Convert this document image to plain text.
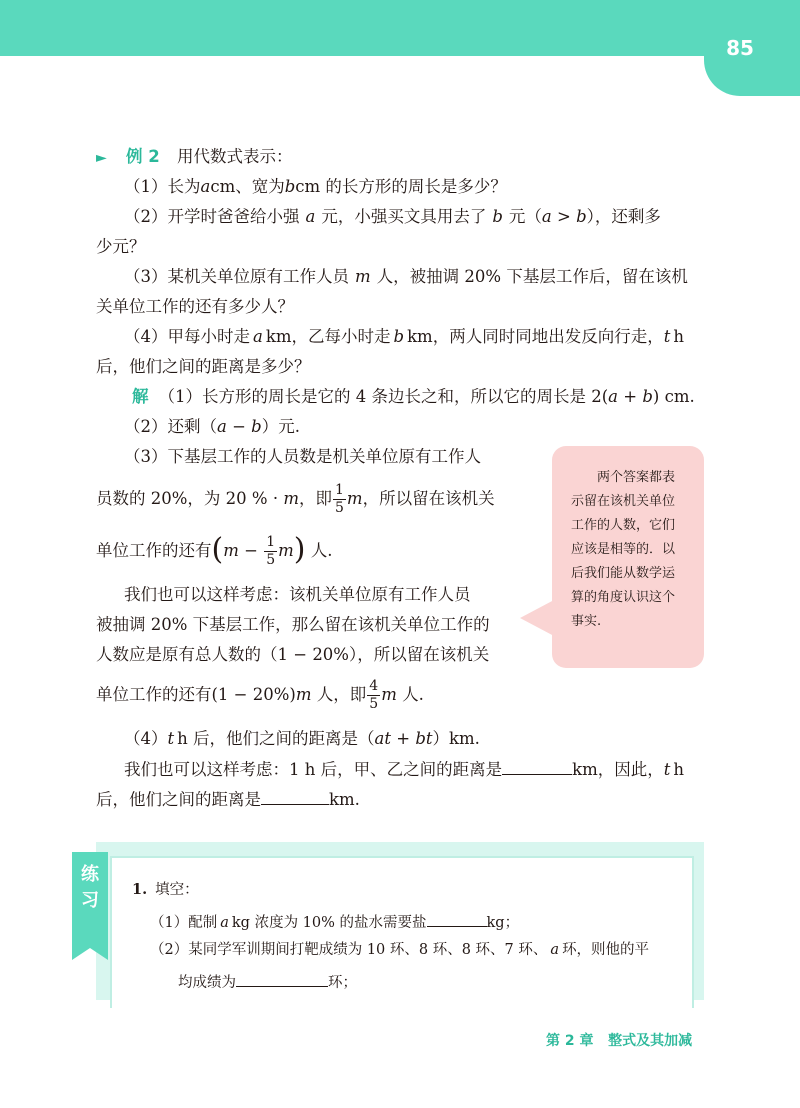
85
► 例 2 用代数式表示：
（1）长为acm、宽为bcm 的长方形的周长是多少？
（2）开学时爸爸给小强 a 元，小强买文具用去了 b 元（a > b），还剩多
少元？
（3）某机关单位原有工作人员 m 人，被抽调 20% 下基层工作后，留在该机
关单位工作的还有多少人？
（4）甲每小时走 a km，乙每小时走 b km，两人同时同地出发反向行走，t h
后，他们之间的距离是多少？
解 （1）长方形的周长是它的 4 条边长之和，所以它的周长是 2(a + b) cm.
（2）还剩（a − b）元.
（3）下基层工作的人员数是机关单位原有工作人
员数的 20%，为 20 % · m，即 $\frac{1}{5}$ m，所以留在该机关
单位工作的还有$(m - \frac{1}{5} m)$ 人.
我们也可以这样考虑：该机关单位原有工作人员
被抽调 20% 下基层工作，那么留在该机关单位工作的
人数应是原有总人数的（1 − 20%），所以留在该机关
单位工作的还有(1 − 20%)m 人，即 $\frac{4}{5}$ m 人.
（4）t h 后，他们之间的距离是（at + bt）km.
我们也可以这样考虑：1 h 后，甲、乙之间的距离是	km，因此，t h
后，他们之间的距离是	km.
两个答案都表
示留在该机关单位
工作的人数，它们
应该是相等的．以
后我们能从数学运
算的角度认识这个
事实.
练
习
1. 填空：
（1）配制 a kg 浓度为 10% 的盐水需要盐	kg；
（2）某同学军训期间打靶成绩为 10 环、8 环、8 环、7 环、 a 环，则他的平
均成绩为	环；
第 2 章 整式及其加减
